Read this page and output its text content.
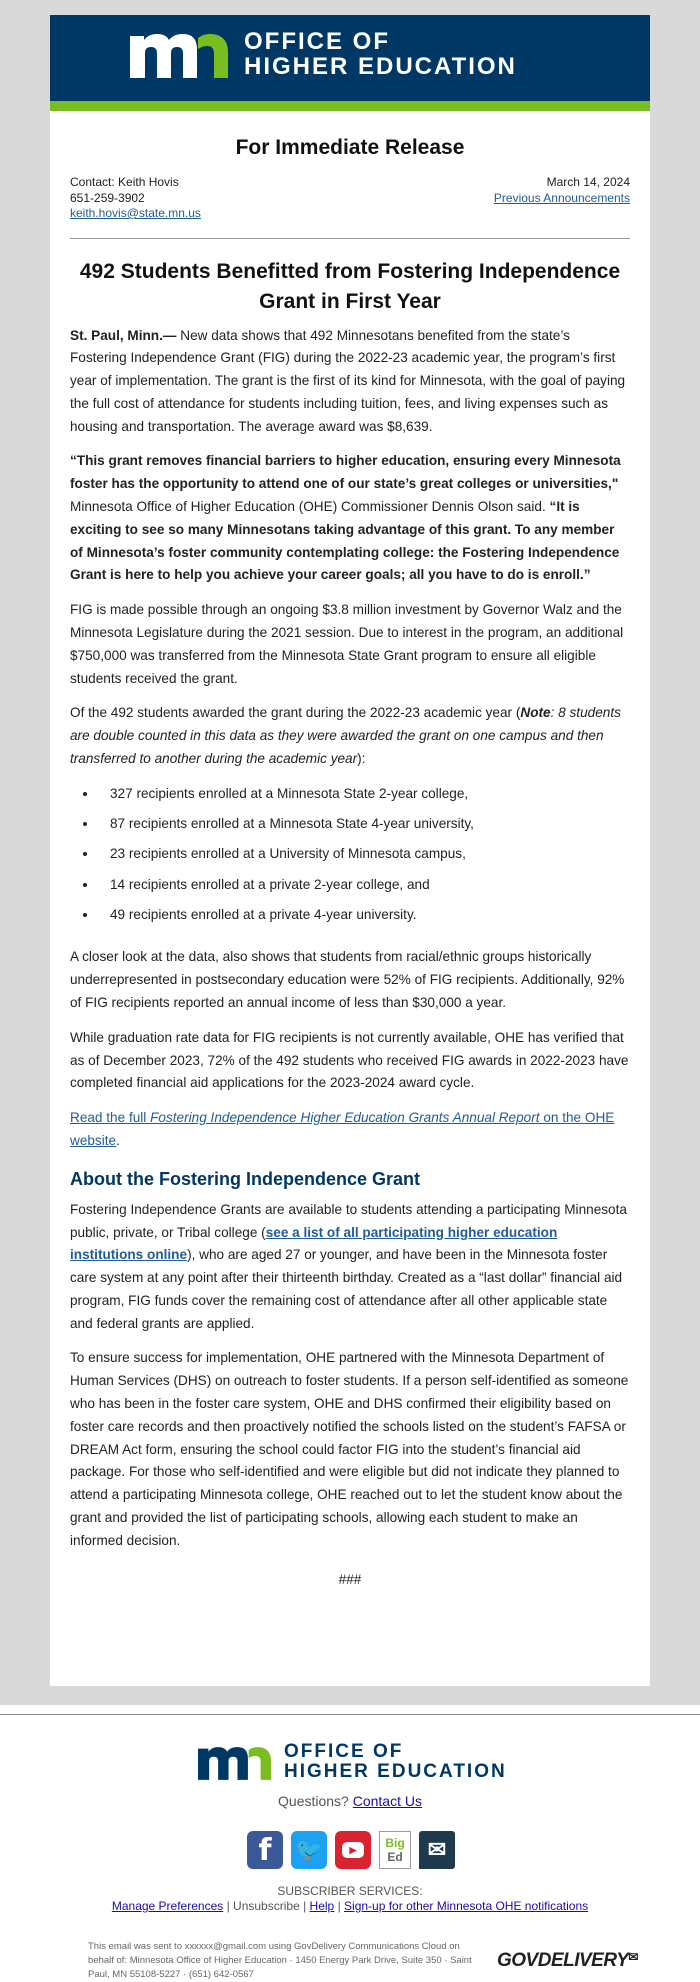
OFFICE OF
HIGHER EDUCATION
For Immediate Release
Contact: Keith Hovis
651-259-3902
keith.hovis@state.mn.us
March 14, 2024
Previous Announcements
492 Students Benefitted from Fostering Independence Grant in First Year

St. Paul, Minn.— New data shows that 492 Minnesotans benefited from the state’s Fostering Independence Grant (FIG) during the 2022-23 academic year, the program’s first year of implementation. The grant is the first of its kind for Minnesota, with the goal of paying the full cost of attendance for students including tuition, fees, and living expenses such as housing and transportation. The average award was $8,639.

“This grant removes financial barriers to higher education, ensuring every Minnesota foster has the opportunity to attend one of our state’s great colleges or universities," Minnesota Office of Higher Education (OHE) Commissioner Dennis Olson said. “It is exciting to see so many Minnesotans taking advantage of this grant. To any member of Minnesota’s foster community contemplating college: the Fostering Independence Grant is here to help you achieve your career goals; all you have to do is enroll.”

FIG is made possible through an ongoing $3.8 million investment by Governor Walz and the Minnesota Legislature during the 2021 session. Due to interest in the program, an additional $750,000 was transferred from the Minnesota State Grant program to ensure all eligible students received the grant.

Of the 492 students awarded the grant during the 2022-23 academic year (Note: 8 students are double counted in this data as they were awarded the grant on one campus and then transferred to another during the academic year):

• 327 recipients enrolled at a Minnesota State 2-year college,
• 87 recipients enrolled at a Minnesota State 4-year university,
• 23 recipients enrolled at a University of Minnesota campus,
• 14 recipients enrolled at a private 2-year college, and
• 49 recipients enrolled at a private 4-year university.

A closer look at the data, also shows that students from racial/ethnic groups historically underrepresented in postsecondary education were 52% of FIG recipients. Additionally, 92% of FIG recipients reported an annual income of less than $30,000 a year.

While graduation rate data for FIG recipients is not currently available, OHE has verified that as of December 2023, 72% of the 492 students who received FIG awards in 2022-2023 have completed financial aid applications for the 2023-2024 award cycle.

Read the full Fostering Independence Higher Education Grants Annual Report on the OHE website.

About the Fostering Independence Grant

Fostering Independence Grants are available to students attending a participating Minnesota public, private, or Tribal college (see a list of all participating higher education institutions online), who are aged 27 or younger, and have been in the Minnesota foster care system at any point after their thirteenth birthday. Created as a “last dollar” financial aid program, FIG funds cover the remaining cost of attendance after all other applicable state and federal grants are applied.

To ensure success for implementation, OHE partnered with the Minnesota Department of Human Services (DHS) on outreach to foster students. If a person self-identified as someone who has been in the foster care system, OHE and DHS confirmed their eligibility based on foster care records and then proactively notified the schools listed on the student’s FAFSA or DREAM Act form, ensuring the school could factor FIG into the student’s financial aid package. For those who self-identified and were eligible but did not indicate they planned to attend a participating Minnesota college, OHE reached out to let the student know about the grant and provided the list of participating schools, allowing each student to make an informed decision.

###
OFFICE OF
HIGHER EDUCATION
Questions? Contact Us
f	🐦	▶	Big
Ed	✉
SUBSCRIBER SERVICES:
Manage Preferences | Unsubscribe | Help | Sign-up for other Minnesota OHE notifications
This email was sent to xxxxxx@gmail.com using GovDelivery Communications Cloud on behalf of: Minnesota Office of Higher Education · 1450 Energy Park Drive, Suite 350 · Saint Paul, MN 55108-5227 · (651) 642-0567
GOVDELIVERY✉
